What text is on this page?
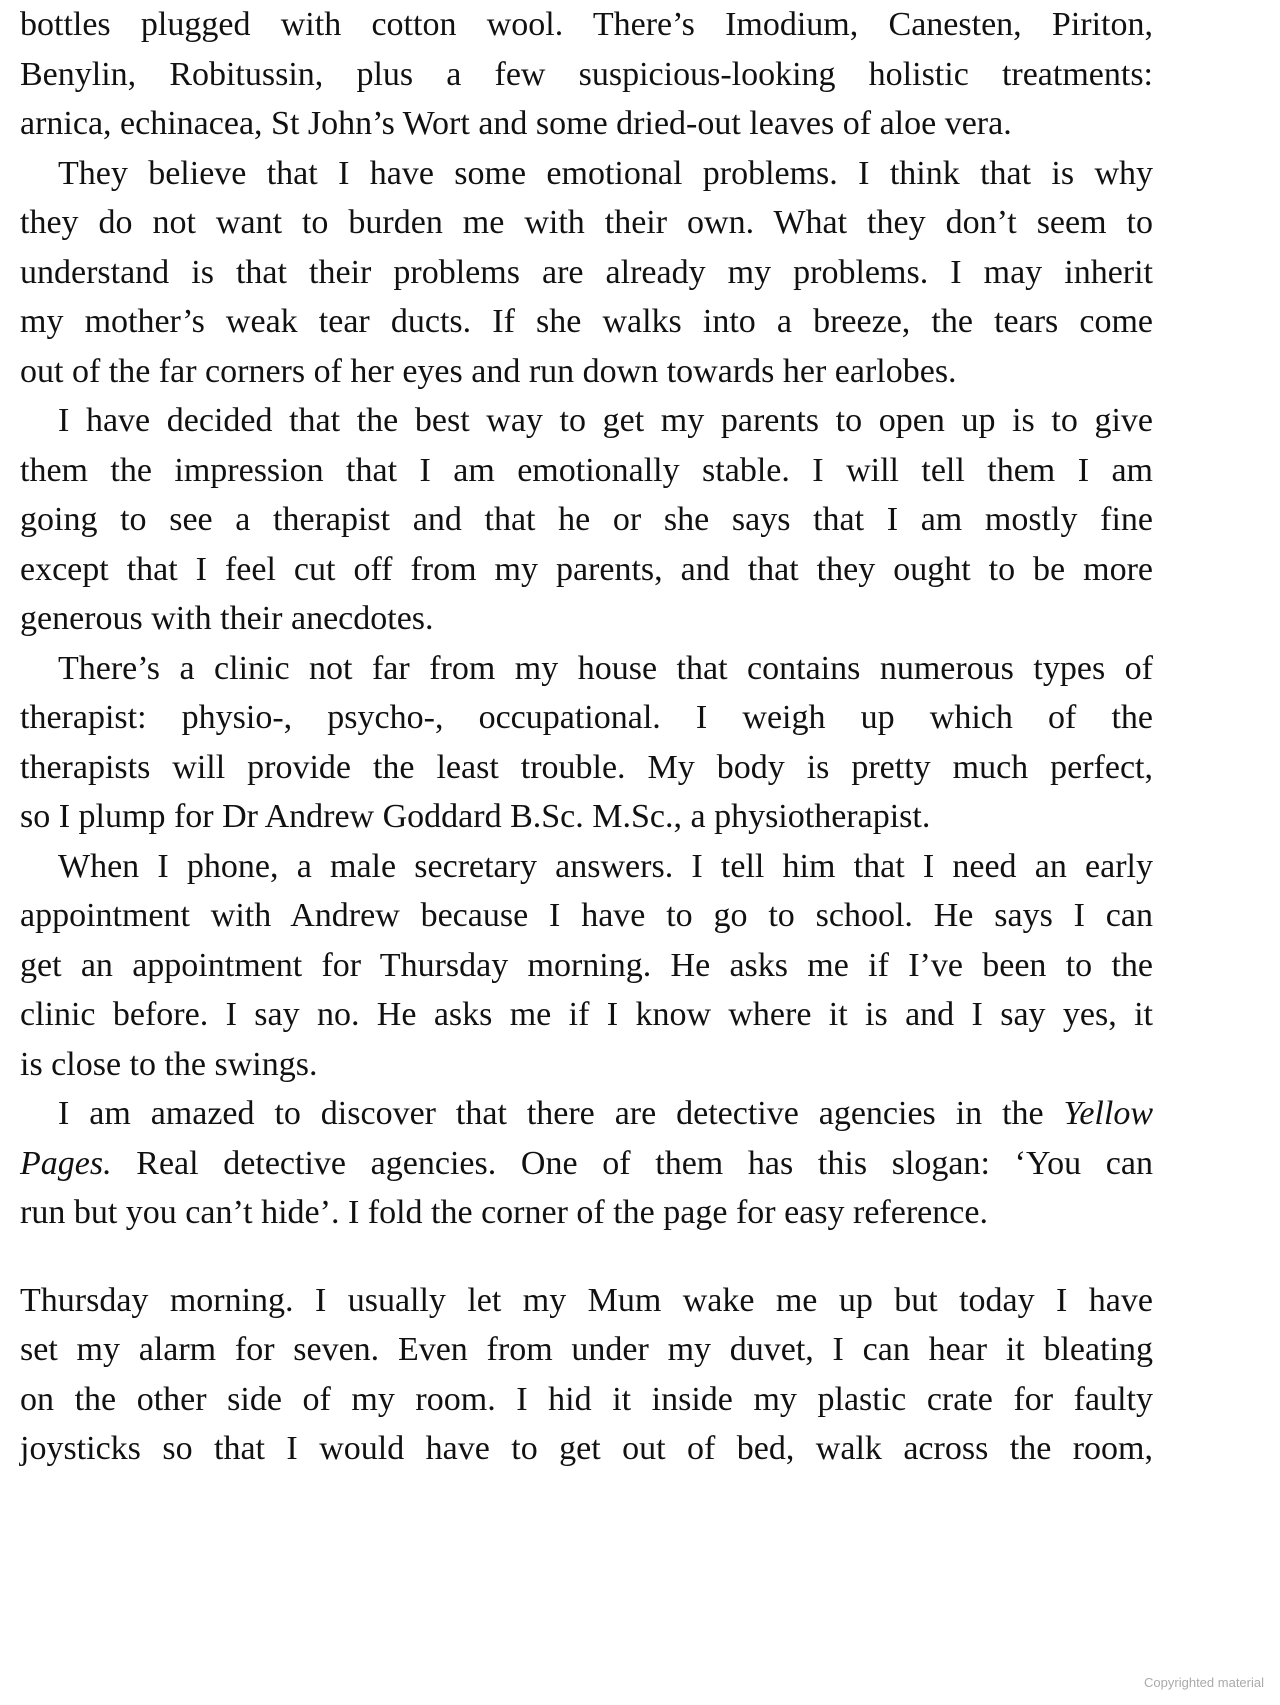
bottles plugged with cotton wool. There’s Imodium, Canesten, Piriton,
Benylin, Robitussin, plus a few suspicious-looking holistic treatments:
arnica, echinacea, St John’s Wort and some dried-out leaves of aloe vera.
They believe that I have some emotional problems. I think that is why
they do not want to burden me with their own. What they don’t seem to
understand is that their problems are already my problems. I may inherit
my mother’s weak tear ducts. If she walks into a breeze, the tears come
out of the far corners of her eyes and run down towards her earlobes.
I have decided that the best way to get my parents to open up is to give
them the impression that I am emotionally stable. I will tell them I am
going to see a therapist and that he or she says that I am mostly fine
except that I feel cut off from my parents, and that they ought to be more
generous with their anecdotes.
There’s a clinic not far from my house that contains numerous types of
therapist: physio-, psycho-, occupational. I weigh up which of the
therapists will provide the least trouble. My body is pretty much perfect,
so I plump for Dr Andrew Goddard B.Sc. M.Sc., a physiotherapist.
When I phone, a male secretary answers. I tell him that I need an early
appointment with Andrew because I have to go to school. He says I can
get an appointment for Thursday morning. He asks me if I’ve been to the
clinic before. I say no. He asks me if I know where it is and I say yes, it
is close to the swings.
I am amazed to discover that there are detective agencies in the Yellow
Pages. Real detective agencies. One of them has this slogan: ‘You can
run but you can’t hide’. I fold the corner of the page for easy reference.
Thursday morning. I usually let my Mum wake me up but today I have
set my alarm for seven. Even from under my duvet, I can hear it bleating
on the other side of my room. I hid it inside my plastic crate for faulty
joysticks so that I would have to get out of bed, walk across the room,
Copyrighted material
